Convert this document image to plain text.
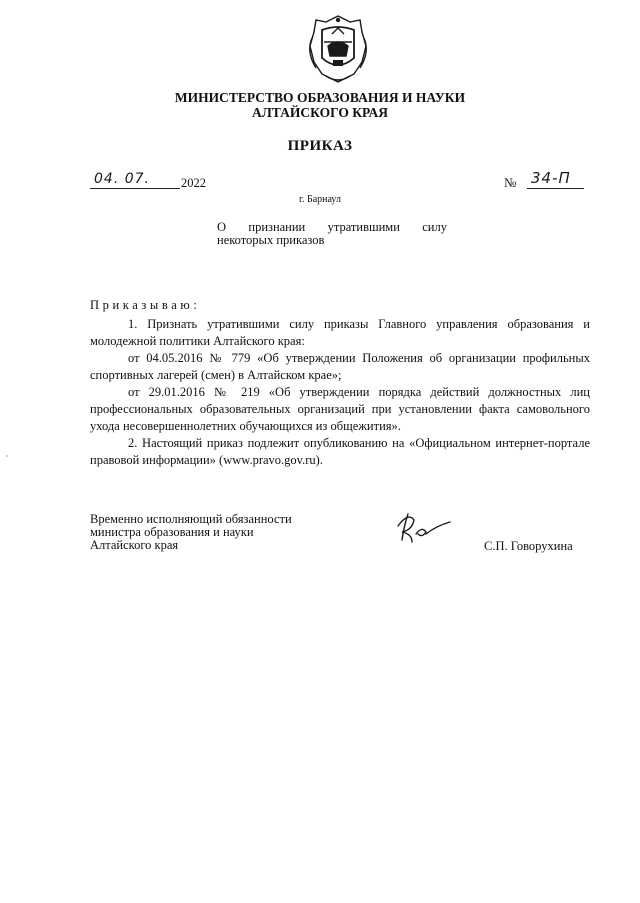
МИНИСТЕРСТВО ОБРАЗОВАНИЯ И НАУКИ
АЛТАЙСКОГО КРАЯ
ПРИКАЗ
04. 07. 2022	№ 34-П
г. Барнаул
О признании утратившими силу
некоторых приказов
Приказываю:
1. Признать утратившими силу приказы Главного управления образования и молодежной политики Алтайского края:
от 04.05.2016 № 779 «Об утверждении Положения об организации профильных спортивных лагерей (смен) в Алтайском крае»;
от 29.01.2016 № 219 «Об утверждении порядка действий должностных лиц профессиональных образовательных организаций при установлении факта самовольного ухода несовершеннолетних обучающихся из общежития».
2. Настоящий приказ подлежит опубликованию на «Официальном интернет-портале правовой информации» (www.pravo.gov.ru).
Временно исполняющий обязанности
министра образования и науки
Алтайского края	С.П. Говорухина
